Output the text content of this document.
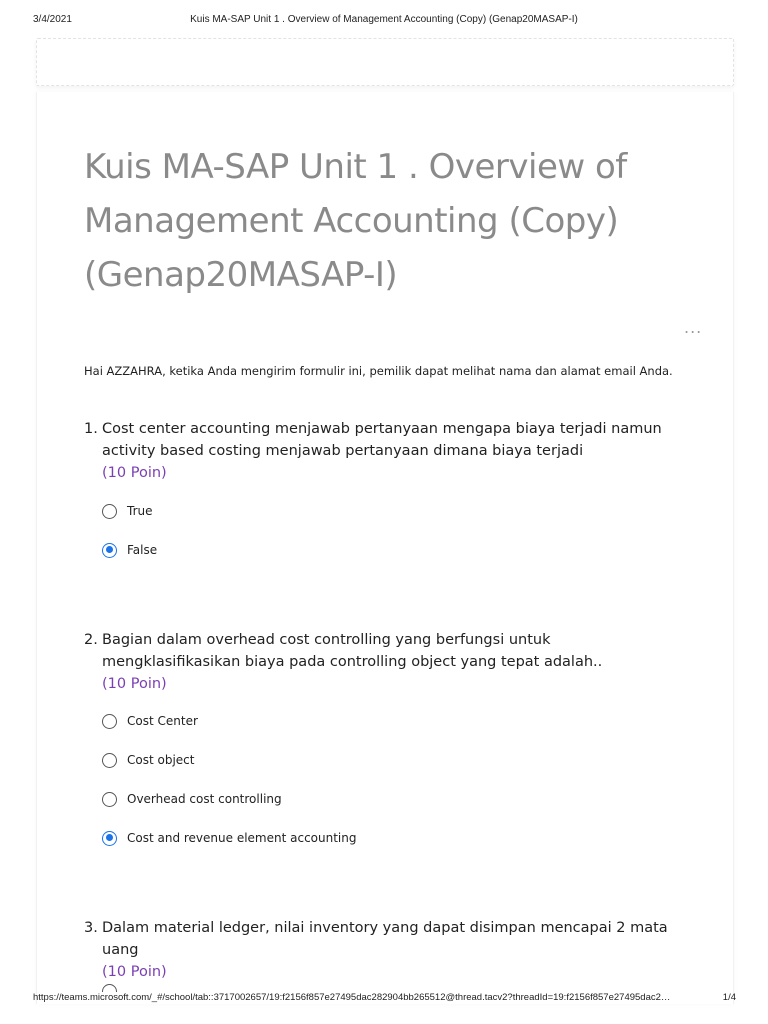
3/4/2021	Kuis MA-SAP Unit 1 . Overview of Management Accounting (Copy) (Genap20MASAP-I)
Kuis MA-SAP Unit 1 . Overview of Management Accounting (Copy) (Genap20MASAP-I)
...
Hai AZZAHRA, ketika Anda mengirim formulir ini, pemilik dapat melihat nama dan alamat email Anda.
1. Cost center accounting menjawab pertanyaan mengapa biaya terjadi namun activity based costing menjawab pertanyaan dimana biaya terjadi
(10 Poin)
True
False
2. Bagian dalam overhead cost controlling yang berfungsi untuk mengklasifikasikan biaya pada controlling object yang tepat adalah..
(10 Poin)
Cost Center
Cost object
Overhead cost controlling
Cost and revenue element accounting
3. Dalam material ledger, nilai inventory yang dapat disimpan mencapai 2 mata uang
(10 Poin)
https://teams.microsoft.com/_#/school/tab::3717002657/19:f2156f857e27495dac282904bb265512@thread.tacv2?threadId=19:f2156f857e27495dac2…	1/4
